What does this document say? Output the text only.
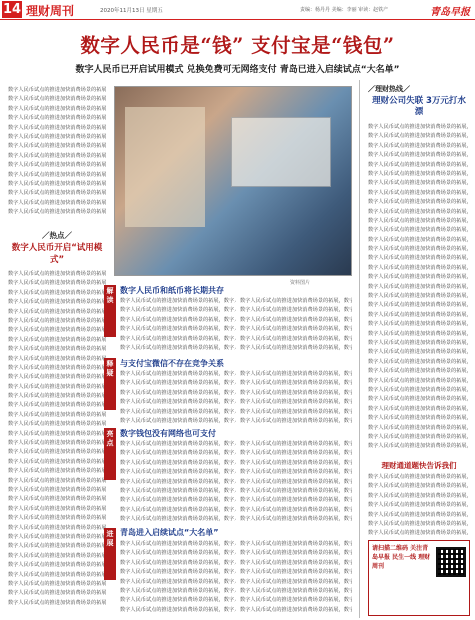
14 理财周刊	2020年11月13日 星期五	责编：杨丹丹 美编：李丽 审读：赵铁产	青岛早报
数字人民币是“钱” 支付宝是“钱包”
数字人民币已开启试用模式 兑换免费可无网络支付 青岛已进入启续试点“大名单”
数字人民币试点的推进加快消费场景的拓展，数字人民币与支付宝微信在支付领域竞合。
数字人民币试点的推进加快消费场景的拓展，数字人民币与支付宝微信在支付领域竞合。
数字人民币试点的推进加快消费场景的拓展，数字人民币与支付宝微信在支付领域竞合。
数字人民币试点的推进加快消费场景的拓展，数字人民币与支付宝微信在支付领域竞合。
数字人民币试点的推进加快消费场景的拓展，数字人民币与支付宝微信在支付领域竞合。
数字人民币试点的推进加快消费场景的拓展，数字人民币与支付宝微信在支付领域竞合。
数字人民币试点的推进加快消费场景的拓展，数字人民币与支付宝微信在支付领域竞合。
数字人民币试点的推进加快消费场景的拓展，数字人民币与支付宝微信在支付领域竞合。
数字人民币试点的推进加快消费场景的拓展，数字人民币与支付宝微信在支付领域竞合。
数字人民币试点的推进加快消费场景的拓展，数字人民币与支付宝微信在支付领域竞合。
数字人民币试点的推进加快消费场景的拓展，数字人民币与支付宝微信在支付领域竞合。
数字人民币试点的推进加快消费场景的拓展，数字人民币与支付宝微信在支付领域竞合。
数字人民币试点的推进加快消费场景的拓展，数字人民币与支付宝微信在支付领域竞合。
数字人民币试点的推进加快消费场景的拓展，数字人民币与支付宝微信在支付领域竞合。
／热点／
数字人民币开启“试用模式”
数字人民币试点的推进加快消费场景的拓展，数字人民币与支付宝微信在支付领域竞合。
数字人民币试点的推进加快消费场景的拓展，数字人民币与支付宝微信在支付领域竞合。
数字人民币试点的推进加快消费场景的拓展，数字人民币与支付宝微信在支付领域竞合。
数字人民币试点的推进加快消费场景的拓展，数字人民币与支付宝微信在支付领域竞合。
数字人民币试点的推进加快消费场景的拓展，数字人民币与支付宝微信在支付领域竞合。
数字人民币试点的推进加快消费场景的拓展，数字人民币与支付宝微信在支付领域竞合。
数字人民币试点的推进加快消费场景的拓展，数字人民币与支付宝微信在支付领域竞合。
数字人民币试点的推进加快消费场景的拓展，数字人民币与支付宝微信在支付领域竞合。
数字人民币试点的推进加快消费场景的拓展，数字人民币与支付宝微信在支付领域竞合。
数字人民币试点的推进加快消费场景的拓展，数字人民币与支付宝微信在支付领域竞合。
数字人民币试点的推进加快消费场景的拓展，数字人民币与支付宝微信在支付领域竞合。
数字人民币试点的推进加快消费场景的拓展，数字人民币与支付宝微信在支付领域竞合。
数字人民币试点的推进加快消费场景的拓展，数字人民币与支付宝微信在支付领域竞合。
数字人民币试点的推进加快消费场景的拓展，数字人民币与支付宝微信在支付领域竞合。
数字人民币试点的推进加快消费场景的拓展，数字人民币与支付宝微信在支付领域竞合。
数字人民币试点的推进加快消费场景的拓展，数字人民币与支付宝微信在支付领域竞合。
数字人民币试点的推进加快消费场景的拓展，数字人民币与支付宝微信在支付领域竞合。
数字人民币试点的推进加快消费场景的拓展，数字人民币与支付宝微信在支付领域竞合。
数字人民币试点的推进加快消费场景的拓展，数字人民币与支付宝微信在支付领域竞合。
数字人民币试点的推进加快消费场景的拓展，数字人民币与支付宝微信在支付领域竞合。
数字人民币试点的推进加快消费场景的拓展，数字人民币与支付宝微信在支付领域竞合。
数字人民币试点的推进加快消费场景的拓展，数字人民币与支付宝微信在支付领域竞合。
数字人民币试点的推进加快消费场景的拓展，数字人民币与支付宝微信在支付领域竞合。
数字人民币试点的推进加快消费场景的拓展，数字人民币与支付宝微信在支付领域竞合。
数字人民币试点的推进加快消费场景的拓展，数字人民币与支付宝微信在支付领域竞合。
数字人民币试点的推进加快消费场景的拓展，数字人民币与支付宝微信在支付领域竞合。
数字人民币试点的推进加快消费场景的拓展，数字人民币与支付宝微信在支付领域竞合。
数字人民币试点的推进加快消费场景的拓展，数字人民币与支付宝微信在支付领域竞合。
数字人民币试点的推进加快消费场景的拓展，数字人民币与支付宝微信在支付领域竞合。
数字人民币试点的推进加快消费场景的拓展，数字人民币与支付宝微信在支付领域竞合。
数字人民币试点的推进加快消费场景的拓展，数字人民币与支付宝微信在支付领域竞合。
数字人民币试点的推进加快消费场景的拓展，数字人民币与支付宝微信在支付领域竞合。
数字人民币试点的推进加快消费场景的拓展，数字人民币与支付宝微信在支付领域竞合。
数字人民币试点的推进加快消费场景的拓展，数字人民币与支付宝微信在支付领域竞合。
数字人民币试点的推进加快消费场景的拓展，数字人民币与支付宝微信在支付领域竞合。
数字人民币试点的推进加快消费场景的拓展，数字人民币与支付宝微信在支付领域竞合。
资料图片
解读
数字人民币和纸币将长期共存
数字人民币试点的推进加快消费场景的拓展，数字人民币与支付宝微信在支付领域竞合。
数字人民币试点的推进加快消费场景的拓展，数字人民币与支付宝微信在支付领域竞合。
数字人民币试点的推进加快消费场景的拓展，数字人民币与支付宝微信在支付领域竞合。
数字人民币试点的推进加快消费场景的拓展，数字人民币与支付宝微信在支付领域竞合。
数字人民币试点的推进加快消费场景的拓展，数字人民币与支付宝微信在支付领域竞合。
数字人民币试点的推进加快消费场景的拓展，数字人民币与支付宝微信在支付领域竞合。
数字人民币试点的推进加快消费场景的拓展，数字人民币与支付宝微信在支付领域竞合。
数字人民币试点的推进加快消费场景的拓展，数字人民币与支付宝微信在支付领域竞合。
数字人民币试点的推进加快消费场景的拓展，数字人民币与支付宝微信在支付领域竞合。
数字人民币试点的推进加快消费场景的拓展，数字人民币与支付宝微信在支付领域竞合。
数字人民币试点的推进加快消费场景的拓展，数字人民币与支付宝微信在支付领域竞合。
数字人民币试点的推进加快消费场景的拓展，数字人民币与支付宝微信在支付领域竞合。
释疑
与支付宝微信不存在竞争关系
数字人民币试点的推进加快消费场景的拓展，数字人民币与支付宝微信在支付领域竞合。
数字人民币试点的推进加快消费场景的拓展，数字人民币与支付宝微信在支付领域竞合。
数字人民币试点的推进加快消费场景的拓展，数字人民币与支付宝微信在支付领域竞合。
数字人民币试点的推进加快消费场景的拓展，数字人民币与支付宝微信在支付领域竞合。
数字人民币试点的推进加快消费场景的拓展，数字人民币与支付宝微信在支付领域竞合。
数字人民币试点的推进加快消费场景的拓展，数字人民币与支付宝微信在支付领域竞合。
数字人民币试点的推进加快消费场景的拓展，数字人民币与支付宝微信在支付领域竞合。
数字人民币试点的推进加快消费场景的拓展，数字人民币与支付宝微信在支付领域竞合。
数字人民币试点的推进加快消费场景的拓展，数字人民币与支付宝微信在支付领域竞合。
数字人民币试点的推进加快消费场景的拓展，数字人民币与支付宝微信在支付领域竞合。
数字人民币试点的推进加快消费场景的拓展，数字人民币与支付宝微信在支付领域竞合。
数字人民币试点的推进加快消费场景的拓展，数字人民币与支付宝微信在支付领域竞合。
亮点
数字钱包没有网络也可支付
数字人民币试点的推进加快消费场景的拓展，数字人民币与支付宝微信在支付领域竞合。
数字人民币试点的推进加快消费场景的拓展，数字人民币与支付宝微信在支付领域竞合。
数字人民币试点的推进加快消费场景的拓展，数字人民币与支付宝微信在支付领域竞合。
数字人民币试点的推进加快消费场景的拓展，数字人民币与支付宝微信在支付领域竞合。
数字人民币试点的推进加快消费场景的拓展，数字人民币与支付宝微信在支付领域竞合。
数字人民币试点的推进加快消费场景的拓展，数字人民币与支付宝微信在支付领域竞合。
数字人民币试点的推进加快消费场景的拓展，数字人民币与支付宝微信在支付领域竞合。
数字人民币试点的推进加快消费场景的拓展，数字人民币与支付宝微信在支付领域竞合。
数字人民币试点的推进加快消费场景的拓展，数字人民币与支付宝微信在支付领域竞合。
数字人民币试点的推进加快消费场景的拓展，数字人民币与支付宝微信在支付领域竞合。
数字人民币试点的推进加快消费场景的拓展，数字人民币与支付宝微信在支付领域竞合。
数字人民币试点的推进加快消费场景的拓展，数字人民币与支付宝微信在支付领域竞合。
数字人民币试点的推进加快消费场景的拓展，数字人民币与支付宝微信在支付领域竞合。
数字人民币试点的推进加快消费场景的拓展，数字人民币与支付宝微信在支付领域竞合。
数字人民币试点的推进加快消费场景的拓展，数字人民币与支付宝微信在支付领域竞合。
数字人民币试点的推进加快消费场景的拓展，数字人民币与支付宝微信在支付领域竞合。
数字人民币试点的推进加快消费场景的拓展，数字人民币与支付宝微信在支付领域竞合。
数字人民币试点的推进加快消费场景的拓展，数字人民币与支付宝微信在支付领域竞合。
进展
青岛进入启续试点“大名单”
数字人民币试点的推进加快消费场景的拓展，数字人民币与支付宝微信在支付领域竞合。
数字人民币试点的推进加快消费场景的拓展，数字人民币与支付宝微信在支付领域竞合。
数字人民币试点的推进加快消费场景的拓展，数字人民币与支付宝微信在支付领域竞合。
数字人民币试点的推进加快消费场景的拓展，数字人民币与支付宝微信在支付领域竞合。
数字人民币试点的推进加快消费场景的拓展，数字人民币与支付宝微信在支付领域竞合。
数字人民币试点的推进加快消费场景的拓展，数字人民币与支付宝微信在支付领域竞合。
数字人民币试点的推进加快消费场景的拓展，数字人民币与支付宝微信在支付领域竞合。
数字人民币试点的推进加快消费场景的拓展，数字人民币与支付宝微信在支付领域竞合。
数字人民币试点的推进加快消费场景的拓展，数字人民币与支付宝微信在支付领域竞合。
数字人民币试点的推进加快消费场景的拓展，数字人民币与支付宝微信在支付领域竞合。
数字人民币试点的推进加快消费场景的拓展，数字人民币与支付宝微信在支付领域竞合。
数字人民币试点的推进加快消费场景的拓展，数字人民币与支付宝微信在支付领域竞合。
数字人民币试点的推进加快消费场景的拓展，数字人民币与支付宝微信在支付领域竞合。
数字人民币试点的推进加快消费场景的拓展，数字人民币与支付宝微信在支付领域竞合。
数字人民币试点的推进加快消费场景的拓展，数字人民币与支付宝微信在支付领域竞合。
数字人民币试点的推进加快消费场景的拓展，数字人民币与支付宝微信在支付领域竞合。
／理财热线／
理财公司失联 3万元打水漂
数字人民币试点的推进加快消费场景的拓展，数字人民币与支付宝微信在支付领域竞合。
数字人民币试点的推进加快消费场景的拓展，数字人民币与支付宝微信在支付领域竞合。
数字人民币试点的推进加快消费场景的拓展，数字人民币与支付宝微信在支付领域竞合。
数字人民币试点的推进加快消费场景的拓展，数字人民币与支付宝微信在支付领域竞合。
数字人民币试点的推进加快消费场景的拓展，数字人民币与支付宝微信在支付领域竞合。
数字人民币试点的推进加快消费场景的拓展，数字人民币与支付宝微信在支付领域竞合。
数字人民币试点的推进加快消费场景的拓展，数字人民币与支付宝微信在支付领域竞合。
数字人民币试点的推进加快消费场景的拓展，数字人民币与支付宝微信在支付领域竞合。
数字人民币试点的推进加快消费场景的拓展，数字人民币与支付宝微信在支付领域竞合。
数字人民币试点的推进加快消费场景的拓展，数字人民币与支付宝微信在支付领域竞合。
数字人民币试点的推进加快消费场景的拓展，数字人民币与支付宝微信在支付领域竞合。
数字人民币试点的推进加快消费场景的拓展，数字人民币与支付宝微信在支付领域竞合。
数字人民币试点的推进加快消费场景的拓展，数字人民币与支付宝微信在支付领域竞合。
数字人民币试点的推进加快消费场景的拓展，数字人民币与支付宝微信在支付领域竞合。
数字人民币试点的推进加快消费场景的拓展，数字人民币与支付宝微信在支付领域竞合。
数字人民币试点的推进加快消费场景的拓展，数字人民币与支付宝微信在支付领域竞合。
数字人民币试点的推进加快消费场景的拓展，数字人民币与支付宝微信在支付领域竞合。
数字人民币试点的推进加快消费场景的拓展，数字人民币与支付宝微信在支付领域竞合。
数字人民币试点的推进加快消费场景的拓展，数字人民币与支付宝微信在支付领域竞合。
数字人民币试点的推进加快消费场景的拓展，数字人民币与支付宝微信在支付领域竞合。
数字人民币试点的推进加快消费场景的拓展，数字人民币与支付宝微信在支付领域竞合。
数字人民币试点的推进加快消费场景的拓展，数字人民币与支付宝微信在支付领域竞合。
数字人民币试点的推进加快消费场景的拓展，数字人民币与支付宝微信在支付领域竞合。
数字人民币试点的推进加快消费场景的拓展，数字人民币与支付宝微信在支付领域竞合。
数字人民币试点的推进加快消费场景的拓展，数字人民币与支付宝微信在支付领域竞合。
数字人民币试点的推进加快消费场景的拓展，数字人民币与支付宝微信在支付领域竞合。
数字人民币试点的推进加快消费场景的拓展，数字人民币与支付宝微信在支付领域竞合。
数字人民币试点的推进加快消费场景的拓展，数字人民币与支付宝微信在支付领域竞合。
数字人民币试点的推进加快消费场景的拓展，数字人民币与支付宝微信在支付领域竞合。
数字人民币试点的推进加快消费场景的拓展，数字人民币与支付宝微信在支付领域竞合。
数字人民币试点的推进加快消费场景的拓展，数字人民币与支付宝微信在支付领域竞合。
数字人民币试点的推进加快消费场景的拓展，数字人民币与支付宝微信在支付领域竞合。
数字人民币试点的推进加快消费场景的拓展，数字人民币与支付宝微信在支付领域竞合。
数字人民币试点的推进加快消费场景的拓展，数字人民币与支付宝微信在支付领域竞合。
数字人民币试点的推进加快消费场景的拓展，数字人民币与支付宝微信在支付领域竞合。
理财通道题快告诉我们
数字人民币试点的推进加快消费场景的拓展，数字人民币与支付宝微信在支付领域竞合。
数字人民币试点的推进加快消费场景的拓展，数字人民币与支付宝微信在支付领域竞合。
数字人民币试点的推进加快消费场景的拓展，数字人民币与支付宝微信在支付领域竞合。
数字人民币试点的推进加快消费场景的拓展，数字人民币与支付宝微信在支付领域竞合。
数字人民币试点的推进加快消费场景的拓展，数字人民币与支付宝微信在支付领域竞合。
数字人民币试点的推进加快消费场景的拓展，数字人民币与支付宝微信在支付领域竞合。
数字人民币试点的推进加快消费场景的拓展，数字人民币与支付宝微信在支付领域竞合。
请扫描二维码 关注青岛早报 民生一线 理财周刊
